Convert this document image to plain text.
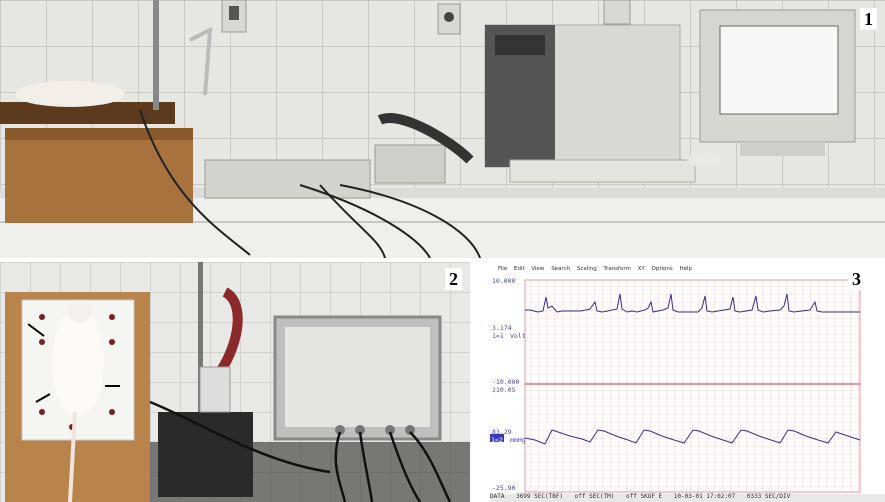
1
2	File Edit View Search Scaling Transform XY Options Help
10.000
3.174
1=1 Volt
-10.000
210.05
83.29
1=2 mmHg
-25.90
DATA 3699 SEC(TBF) off SEC(TM) off SKOF E 10-03-01 17:02:07 0333 SEC/DIV
3
